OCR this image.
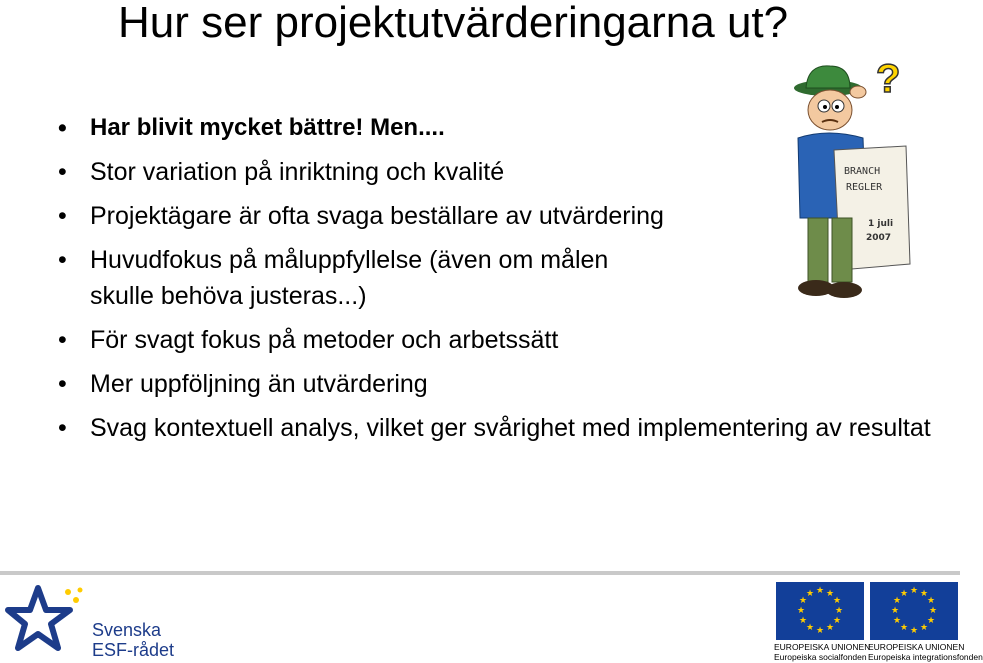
Hur ser projektutvärderingarna ut?
• Har blivit mycket bättre! Men....
• Stor variation på inriktning och kvalité
• Projektägare är ofta svaga beställare av utvärdering
• Huvudfokus på måluppfyllelse (även om målen skulle behöva justeras...)
• För svagt fokus på metoder och arbetssätt
• Mer uppföljning än utvärdering
• Svag kontextuell analys, vilket ger svårighet med implementering av resultat
?
BRANCH
REGLER
1 juli
2007
Svenska
ESF-rådet
★ ★
★
★
★
★
★
★
★
★
★
★
EUROPEISKA UNIONEN
Europeiska socialfonden
★ ★
★
★
★
★
★
★
★
★
★
★
EUROPEISKA UNIONEN
Europeiska integrationsfonden
